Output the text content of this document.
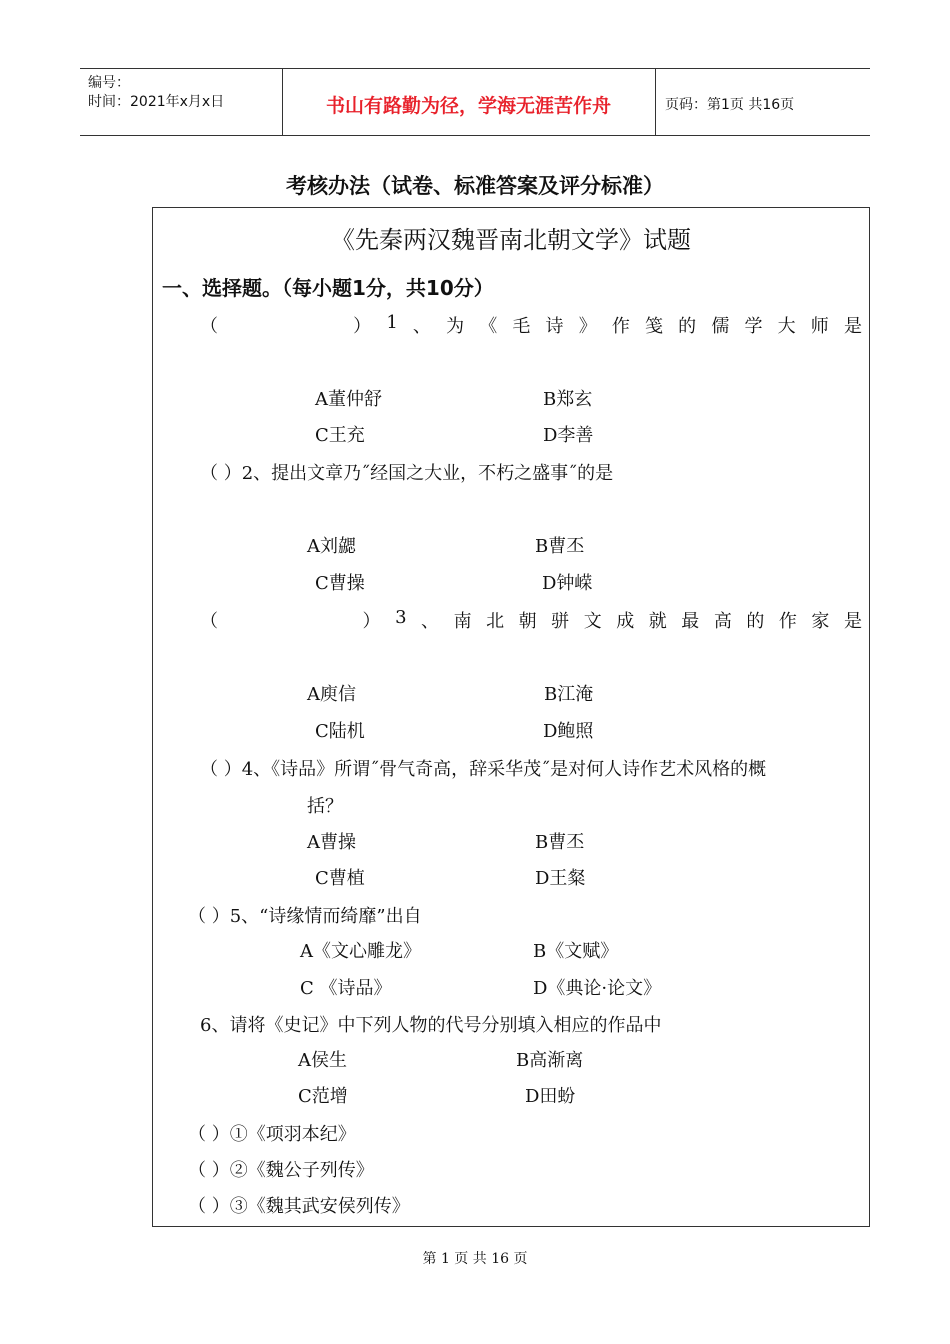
编号：
时间：2021年x月x日	书山有路勤为径，学海无涯苦作舟	页码：第1页 共16页
考核办法（试卷、标准答案及评分标准）
《先秦两汉魏晋南北朝文学》试题
一、选择题。（每小题1分，共10分）
（	） 1 、 为 《 毛 诗 》 作 笺 的 儒 学 大 师 是
A董仲舒	B郑玄
C王充	D李善
（ ）2、提出文章乃˝经国之大业，不朽之盛事˝的是
A刘勰	B曹丕
C曹操	D钟嵘
（	） 3 、 南 北 朝 骈 文 成 就 最 高 的 作 家 是
A庾信	B江淹
C陆机	D鲍照
（ ）4、《诗品》所谓˝骨气奇高，辞采华茂˝是对何人诗作艺术风格的概
括？
A曹操	B曹丕
C曹植	D王粲
（ ）5、“诗缘情而绮靡”出自
A《文心雕龙》	B《文赋》
C 《诗品》	D《典论·论文》
6、请将《史记》中下列人物的代号分别填入相应的作品中
A侯生	B高渐离
C范增	D田蚡
（ ）①《项羽本纪》
（ ）②《魏公子列传》
（ ）③《魏其武安侯列传》
第 1 页 共 16 页
